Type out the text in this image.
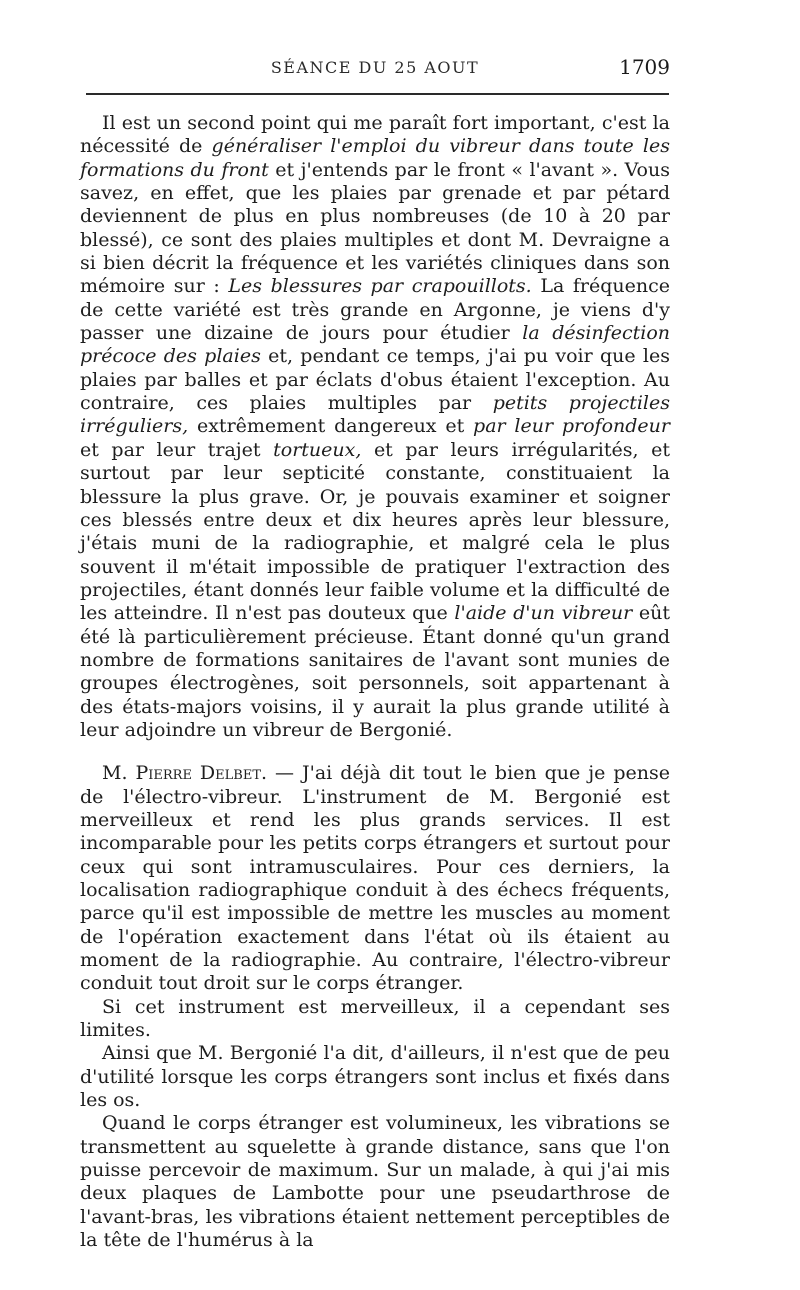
SÉANCE DU 25 AOUT	1709

Il est un second point qui me paraît fort important, c'est la nécessité de généraliser l'emploi du vibreur dans toute les formations du front et j'entends par le front « l'avant ». Vous savez, en effet, que les plaies par grenade et par pétard deviennent de plus en plus nombreuses (de 10 à 20 par blessé), ce sont des plaies multiples et dont M. Devraigne a si bien décrit la fréquence et les variétés cliniques dans son mémoire sur : Les blessures par crapouillots. La fréquence de cette variété est très grande en Argonne, je viens d'y passer une dizaine de jours pour étudier la désinfection précoce des plaies et, pendant ce temps, j'ai pu voir que les plaies par balles et par éclats d'obus étaient l'exception. Au contraire, ces plaies multiples par petits projectiles irréguliers, extrêmement dangereux et par leur profondeur et par leur trajet tortueux, et par leurs irrégularités, et surtout par leur septicité constante, constituaient la blessure la plus grave. Or, je pouvais examiner et soigner ces blessés entre deux et dix heures après leur blessure, j'étais muni de la radiographie, et malgré cela le plus souvent il m'était impossible de pratiquer l'extraction des projectiles, étant donnés leur faible volume et la difficulté de les atteindre. Il n'est pas douteux que l'aide d'un vibreur eût été là particulièrement précieuse. Étant donné qu'un grand nombre de formations sanitaires de l'avant sont munies de groupes électrogènes, soit personnels, soit appartenant à des états-majors voisins, il y aurait la plus grande utilité à leur adjoindre un vibreur de Bergonié.

M. Pierre Delbet. — J'ai déjà dit tout le bien que je pense de l'électro-vibreur. L'instrument de M. Bergonié est merveilleux et rend les plus grands services. Il est incomparable pour les petits corps étrangers et surtout pour ceux qui sont intramusculaires. Pour ces derniers, la localisation radiographique conduit à des échecs fréquents, parce qu'il est impossible de mettre les muscles au moment de l'opération exactement dans l'état où ils étaient au moment de la radiographie. Au contraire, l'électro-vibreur conduit tout droit sur le corps étranger.

Si cet instrument est merveilleux, il a cependant ses limites.

Ainsi que M. Bergonié l'a dit, d'ailleurs, il n'est que de peu d'utilité lorsque les corps étrangers sont inclus et fixés dans les os.

Quand le corps étranger est volumineux, les vibrations se transmettent au squelette à grande distance, sans que l'on puisse percevoir de maximum. Sur un malade, à qui j'ai mis deux plaques de Lambotte pour une pseudarthrose de l'avant-bras, les vibrations étaient nettement perceptibles de la tête de l'humérus à la
